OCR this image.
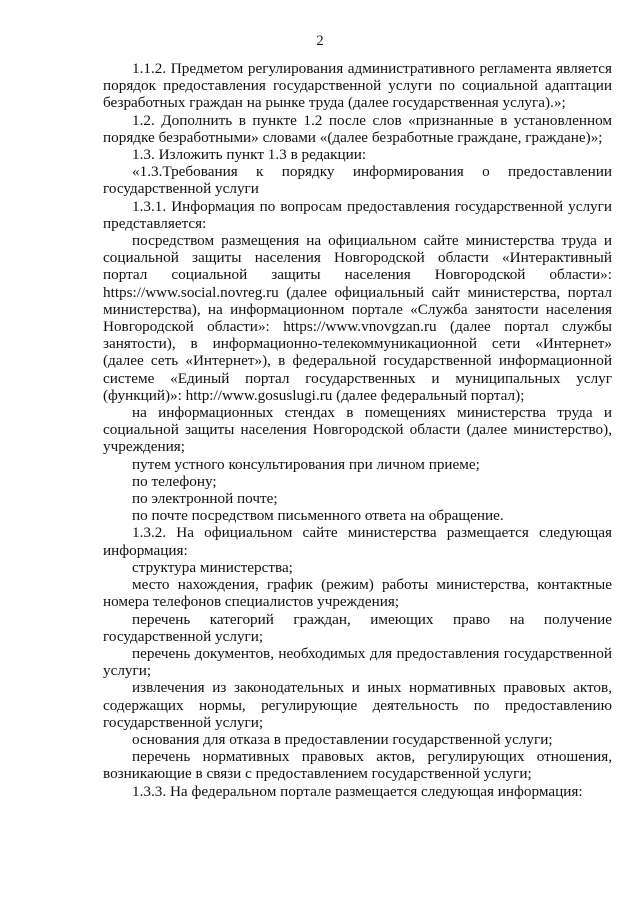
2

1.1.2. Предметом регулирования административного регламента является порядок предоставления государственной услуги по социальной адаптации безработных граждан на рынке труда (далее государственная услуга).»;

1.2. Дополнить в пункте 1.2 после слов «признанные в установленном порядке безработными» словами «(далее безработные граждане, граждане)»;

1.3. Изложить пункт 1.3 в редакции:

«1.3.Требования к порядку информирования о предоставлении государственной услуги

1.3.1. Информация по вопросам предоставления государственной услуги представляется:

посредством размещения на официальном сайте министерства труда и социальной защиты населения Новгородской области «Интерактивный портал социальной защиты населения Новгородской области»: https://www.social.novreg.ru (далее официальный сайт министерства, портал министерства), на информационном портале «Служба занятости населения Новгородской области»: https://www.vnovgzan.ru (далее портал службы занятости), в информационно-телекоммуникационной сети «Интернет» (далее сеть «Интернет»), в федеральной государственной информационной системе «Единый портал государственных и муниципальных услуг (функций)»: http://www.gosuslugi.ru (далее федеральный портал);

на информационных стендах в помещениях министерства труда и социальной защиты населения Новгородской области (далее министерство), учреждения;

путем устного консультирования при личном приеме;

по телефону;

по электронной почте;

по почте посредством письменного ответа на обращение.

1.3.2. На официальном сайте министерства размещается следующая информация:

структура министерства;

место нахождения, график (режим) работы министерства, контактные номера телефонов специалистов учреждения;

перечень категорий граждан, имеющих право на получение государственной услуги;

перечень документов, необходимых для предоставления государственной услуги;

извлечения из законодательных и иных нормативных правовых актов, содержащих нормы, регулирующие деятельность по предоставлению государственной услуги;

основания для отказа в предоставлении государственной услуги;

перечень нормативных правовых актов, регулирующих отношения, возникающие в связи с предоставлением государственной услуги;

1.3.3. На федеральном портале размещается следующая информация:
